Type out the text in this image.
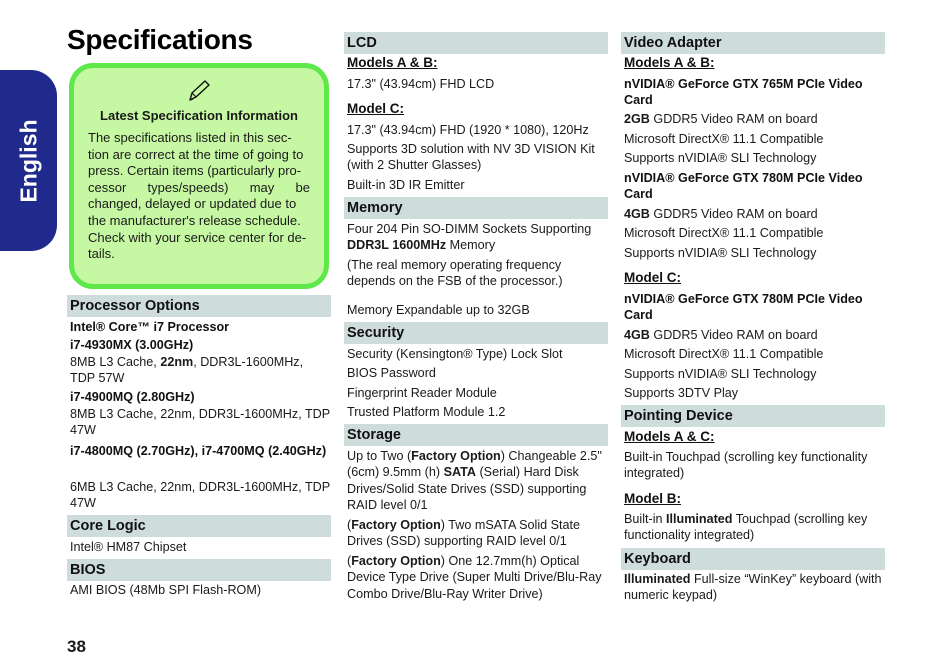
English
Specifications
Latest Specification Information
The specifications listed in this sec-
tion are correct at the time of going to
press. Certain items (particularly pro-
cessor types/speeds) may be
changed, delayed or updated due to
the manufacturer's release schedule.
Check with your service center for de-
tails.
Processor Options
Intel® Core™ i7 Processor
i7-4930MX (3.00GHz)
8MB L3 Cache, 22nm, DDR3L-1600MHz, TDP 57W
i7-4900MQ (2.80GHz)
8MB L3 Cache, 22nm, DDR3L-1600MHz, TDP 47W
i7-4800MQ (2.70GHz), i7-4700MQ (2.40GHz)
6MB L3 Cache, 22nm, DDR3L-1600MHz, TDP 47W
Core Logic
Intel® HM87 Chipset
BIOS
AMI BIOS (48Mb SPI Flash-ROM)
LCD
Models A & B:
17.3" (43.94cm) FHD LCD
Model C:
17.3" (43.94cm) FHD (1920 * 1080), 120Hz
Supports 3D solution with NV 3D VISION Kit (with 2 Shutter Glasses)
Built-in 3D IR Emitter
Memory
Four 204 Pin SO-DIMM Sockets Supporting DDR3L 1600MHz Memory
(The real memory operating frequency depends on the FSB of the processor.)
Memory Expandable up to 32GB
Security
Security (Kensington® Type) Lock Slot
BIOS Password
Fingerprint Reader Module
Trusted Platform Module 1.2
Storage
Up to Two (Factory Option) Changeable 2.5" (6cm) 9.5mm (h) SATA (Serial) Hard Disk Drives/Solid State Drives (SSD) supporting RAID level 0/1
(Factory Option) Two mSATA Solid State Drives (SSD) supporting RAID level 0/1
(Factory Option) One 12.7mm(h) Optical Device Type Drive (Super Multi Drive/Blu-Ray Combo Drive/Blu-Ray Writer Drive)
Video Adapter
Models A & B:
nVIDIA® GeForce GTX 765M PCIe Video Card
2GB GDDR5 Video RAM on board
Microsoft DirectX® 11.1 Compatible
Supports nVIDIA® SLI Technology
nVIDIA® GeForce GTX 780M PCIe Video Card
4GB GDDR5 Video RAM on board
Microsoft DirectX® 11.1 Compatible
Supports nVIDIA® SLI Technology
Model C:
nVIDIA® GeForce GTX 780M PCIe Video Card
4GB GDDR5 Video RAM on board
Microsoft DirectX® 11.1 Compatible
Supports nVIDIA® SLI Technology
Supports 3DTV Play
Pointing Device
Models A & C:
Built-in Touchpad (scrolling key functionality integrated)
Model B:
Built-in Illuminated Touchpad (scrolling key functionality integrated)
Keyboard
Illuminated Full-size “WinKey” keyboard (with numeric keypad)
38
